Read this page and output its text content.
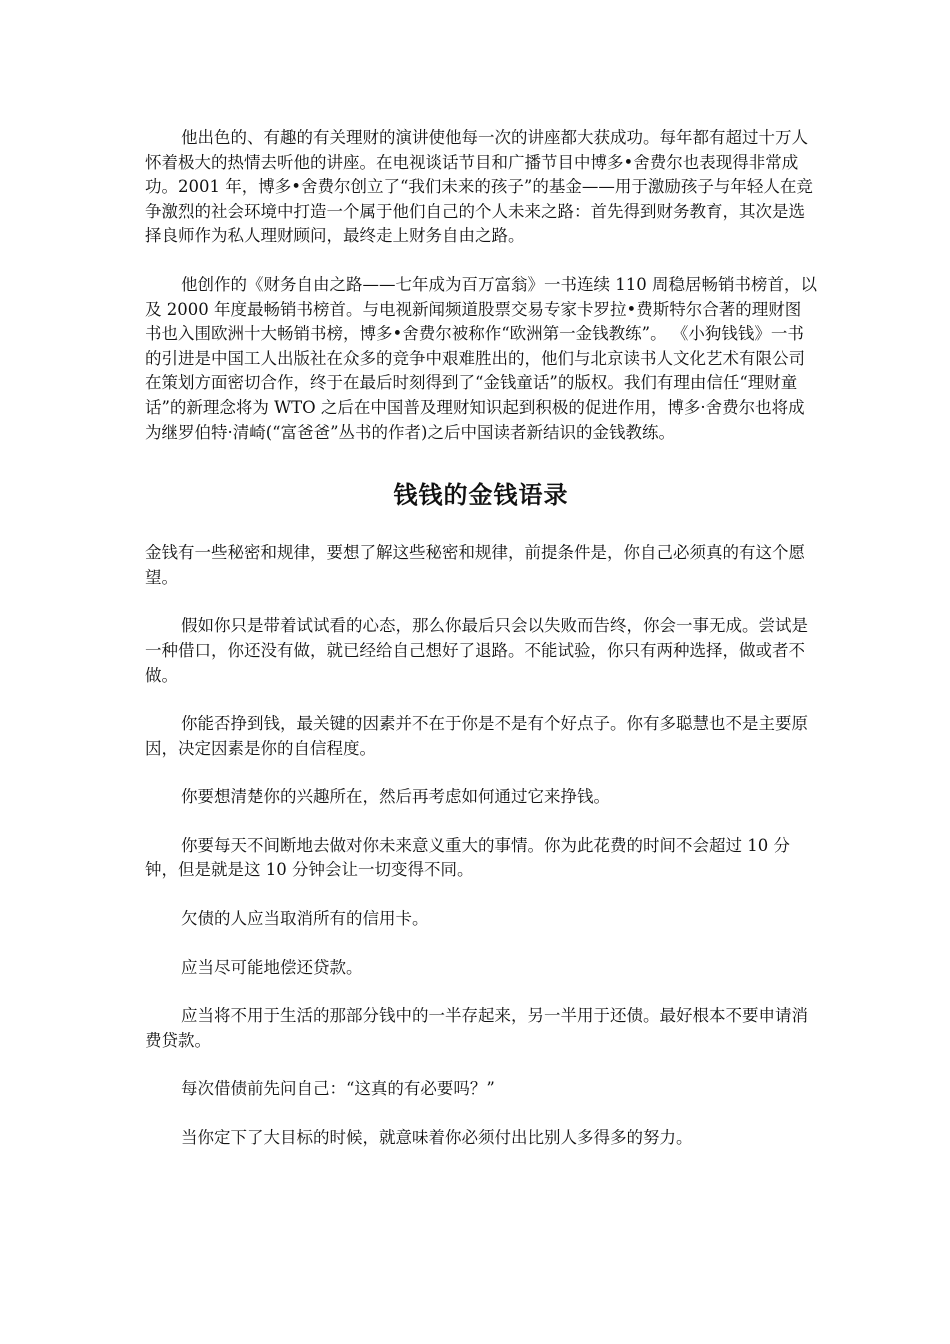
他出色的、有趣的有关理财的演讲使他每一次的讲座都大获成功。每年都有超过十万人怀着极大的热情去听他的讲座。在电视谈话节目和广播节目中博多•舍费尔也表现得非常成功。2001 年，博多•舍费尔创立了“我们未来的孩子”的基金——用于激励孩子与年轻人在竞争激烈的社会环境中打造一个属于他们自己的个人未来之路：首先得到财务教育，其次是选择良师作为私人理财顾问，最终走上财务自由之路。

他创作的《财务自由之路——七年成为百万富翁》一书连续 110 周稳居畅销书榜首，以及 2000 年度最畅销书榜首。与电视新闻频道股票交易专家卡罗拉•费斯特尔合著的理财图书也入围欧洲十大畅销书榜，博多•舍费尔被称作“欧洲第一金钱教练”。 《小狗钱钱》一书的引进是中国工人出版社在众多的竞争中艰难胜出的，他们与北京读书人文化艺术有限公司在策划方面密切合作，终于在最后时刻得到了“金钱童话”的版权。我们有理由信任“理财童话”的新理念将为 WTO 之后在中国普及理财知识起到积极的促进作用，博多·舍费尔也将成为继罗伯特·清崎(“富爸爸”丛书的作者)之后中国读者新结识的金钱教练。

钱钱的金钱语录

金钱有一些秘密和规律，要想了解这些秘密和规律，前提条件是，你自己必须真的有这个愿望。

假如你只是带着试试看的心态，那么你最后只会以失败而告终，你会一事无成。尝试是一种借口，你还没有做，就已经给自己想好了退路。不能试验，你只有两种选择，做或者不做。

你能否挣到钱，最关键的因素并不在于你是不是有个好点子。你有多聪慧也不是主要原因，决定因素是你的自信程度。

你要想清楚你的兴趣所在，然后再考虑如何通过它来挣钱。

你要每天不间断地去做对你未来意义重大的事情。你为此花费的时间不会超过 10 分钟，但是就是这 10 分钟会让一切变得不同。

欠债的人应当取消所有的信用卡。

应当尽可能地偿还贷款。

应当将不用于生活的那部分钱中的一半存起来，另一半用于还债。最好根本不要申请消费贷款。

每次借债前先问自己：“这真的有必要吗？”

当你定下了大目标的时候，就意味着你必须付出比别人多得多的努力。
